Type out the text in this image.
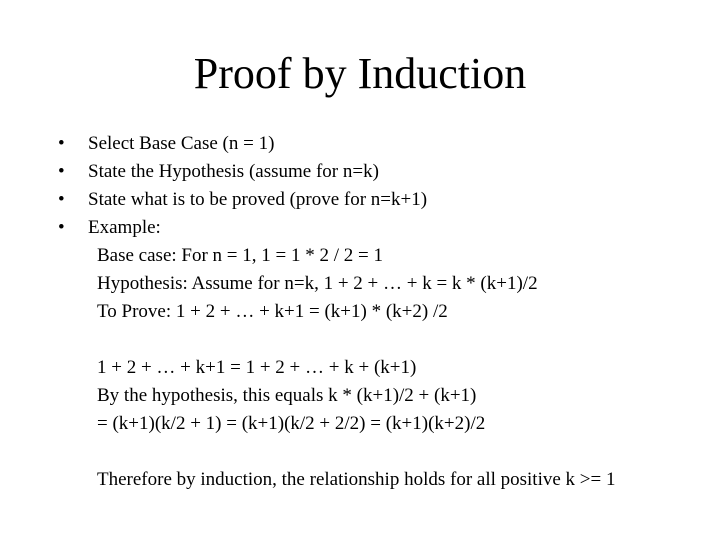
Proof by Induction
• Select Base Case (n = 1)
• State the Hypothesis (assume for n=k)
• State what is to be proved (prove for n=k+1)
• Example:
Base case: For n = 1, 1 = 1 * 2 / 2 = 1
Hypothesis: Assume for n=k, 1 + 2 + … + k = k * (k+1)/2
To Prove: 1 + 2 + … + k+1 = (k+1) * (k+2) /2
1 + 2 + … + k+1 = 1 + 2 + … + k + (k+1)
By the hypothesis, this equals k * (k+1)/2 + (k+1)
= (k+1)(k/2 + 1) = (k+1)(k/2 + 2/2) = (k+1)(k+2)/2
Therefore by induction, the relationship holds for all positive k >= 1
